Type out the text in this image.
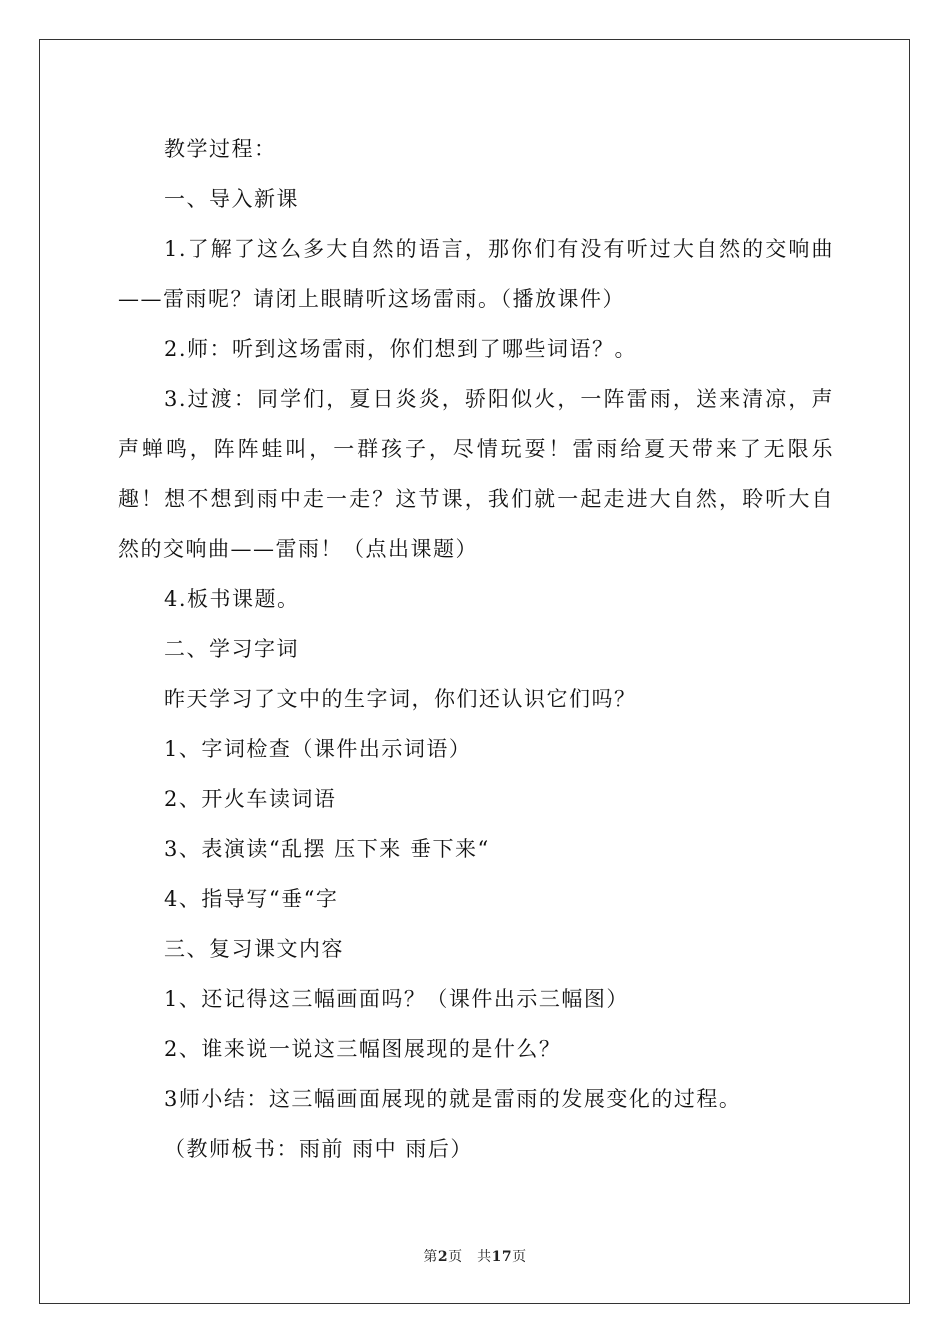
教学过程：

一、导入新课

1.了解了这么多大自然的语言，那你们有没有听过大自然的交响曲——雷雨呢？请闭上眼睛听这场雷雨。（播放课件）

2.师：听到这场雷雨，你们想到了哪些词语？。

3.过渡：同学们，夏日炎炎，骄阳似火，一阵雷雨，送来清凉，声声蝉鸣，阵阵蛙叫，一群孩子，尽情玩耍！雷雨给夏天带来了无限乐趣！想不想到雨中走一走？这节课，我们就一起走进大自然，聆听大自然的交响曲——雷雨！（点出课题）

4.板书课题。

二、学习字词

昨天学习了文中的生字词，你们还认识它们吗？

1、字词检查（课件出示词语）

2、开火车读词语

3、表演读“乱摆 压下来 垂下来“

4、指导写“垂“字

三、复习课文内容

1、还记得这三幅画面吗？（课件出示三幅图）

2、谁来说一说这三幅图展现的是什么？

3师小结：这三幅画面展现的就是雷雨的发展变化的过程。

（教师板书：雨前 雨中 雨后）

第2页　共17页
